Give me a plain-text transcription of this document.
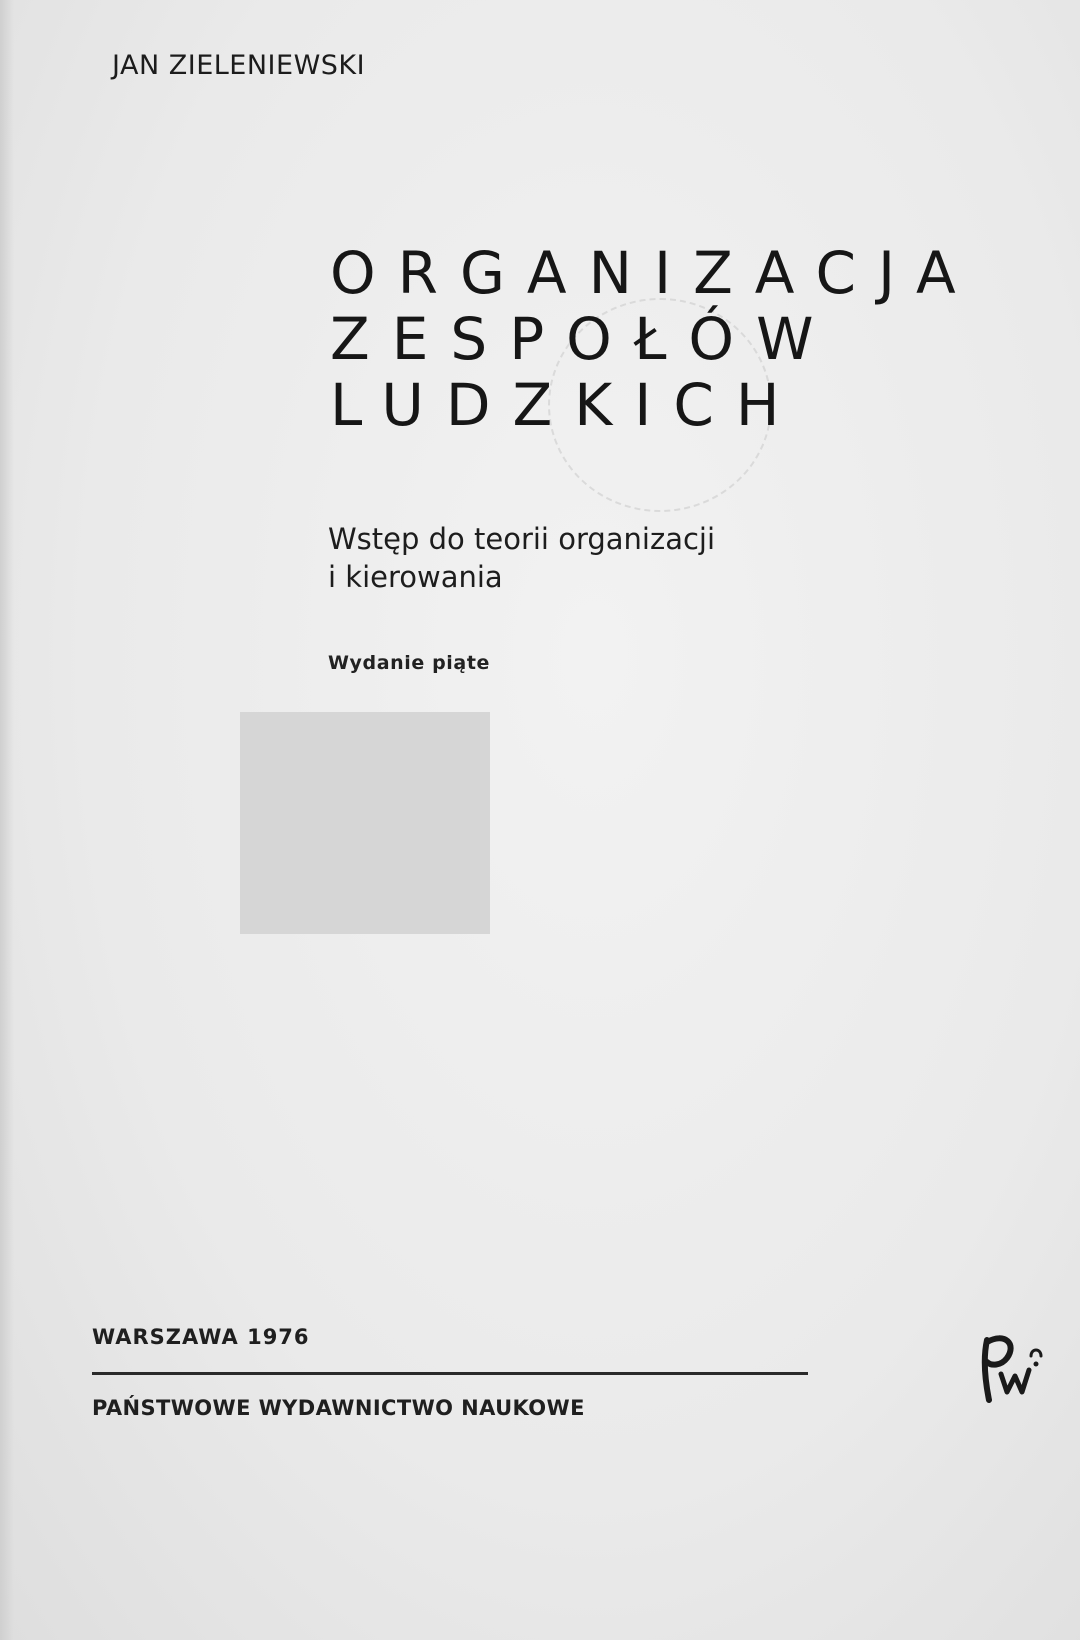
JAN ZIELENIEWSKI
ORGANIZACJA
ZESPOŁÓW
LUDZKICH
Wstęp do teorii organizacji
i kierowania
Wydanie piąte
WARSZAWA 1976
PAŃSTWOWE WYDAWNICTWO NAUKOWE
